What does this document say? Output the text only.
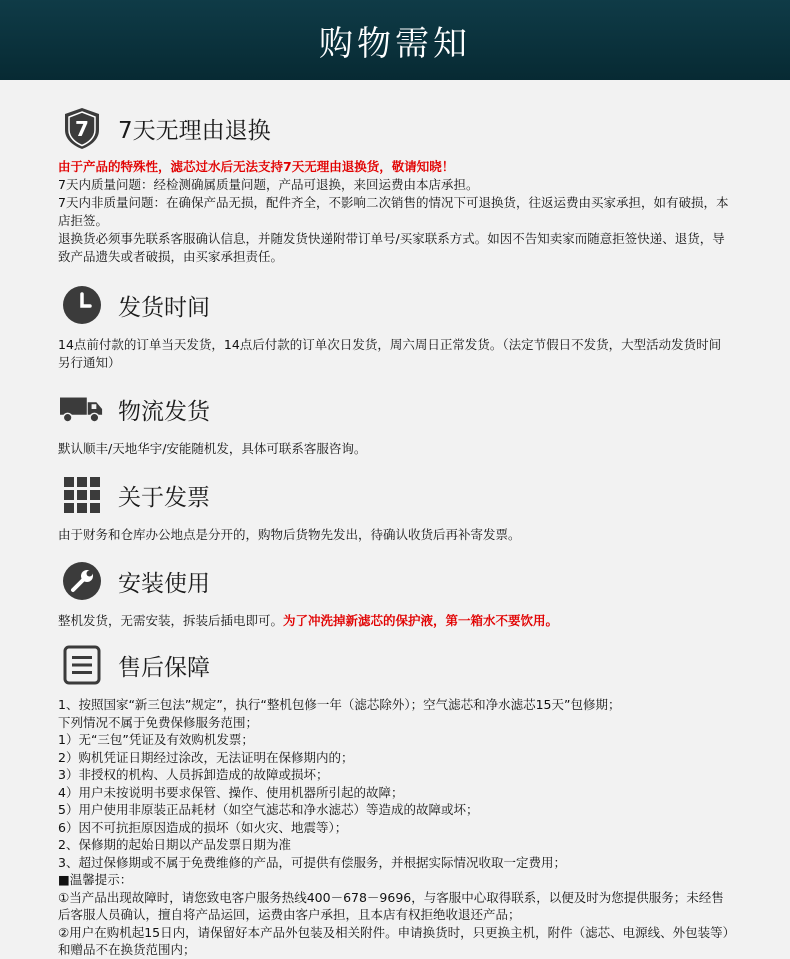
购物需知
7 7天无理由退换

由于产品的特殊性，滤芯过水后无法支持7天无理由退换货，敬请知晓！

7天内质量问题：经检测确属质量问题，产品可退换，来回运费由本店承担。

7天内非质量问题：在确保产品无损，配件齐全，不影响二次销售的情况下可退换货，往返运费由买家承担，如有破损，本店拒签。

退换货必须事先联系客服确认信息，并随发货快递附带订单号/买家联系方式。如因不告知卖家而随意拒签快递、退货，导致产品遗失或者破损，由买家承担责任。

发货时间

14点前付款的订单当天发货，14点后付款的订单次日发货，周六周日正常发货。（法定节假日不发货，大型活动发货时间另行通知）

物流发货

默认顺丰/天地华宇/安能随机发，具体可联系客服咨询。

关于发票

由于财务和仓库办公地点是分开的，购物后货物先发出，待确认收货后再补寄发票。

安装使用

整机发货，无需安装，拆装后插电即可。为了冲洗掉新滤芯的保护液，第一箱水不要饮用。

售后保障

1、按照国家“新三包法”规定”，执行“整机包修一年（滤芯除外）；空气滤芯和净水滤芯15天”包修期；

下列情况不属于免费保修服务范围；

1）无“三包”凭证及有效购机发票；

2）购机凭证日期经过涂改，无法证明在保修期内的；

3）非授权的机构、人员拆卸造成的故障或损坏；

4）用户未按说明书要求保管、操作、使用机器所引起的故障；

5）用户使用非原装正品耗材（如空气滤芯和净水滤芯）等造成的故障或坏；

6）因不可抗拒原因造成的损坏（如火灾、地震等）；

2、保修期的起始日期以产品发票日期为准

3、超过保修期或不属于免费维修的产品，可提供有偿服务，并根据实际情况收取一定费用；

■温馨提示：

①当产品出现故障时，请您致电客户服务热线400－678－9696，与客服中心取得联系，以便及时为您提供服务；未经售后客服人员确认，擅自将产品运回，运费由客户承担，且本店有权拒绝收退还产品；

②用户在购机起15日内，请保留好本产品外包装及相关附件。申请换货时，只更换主机，附件（滤芯、电源线、外包装等）和赠品不在换货范围内；
